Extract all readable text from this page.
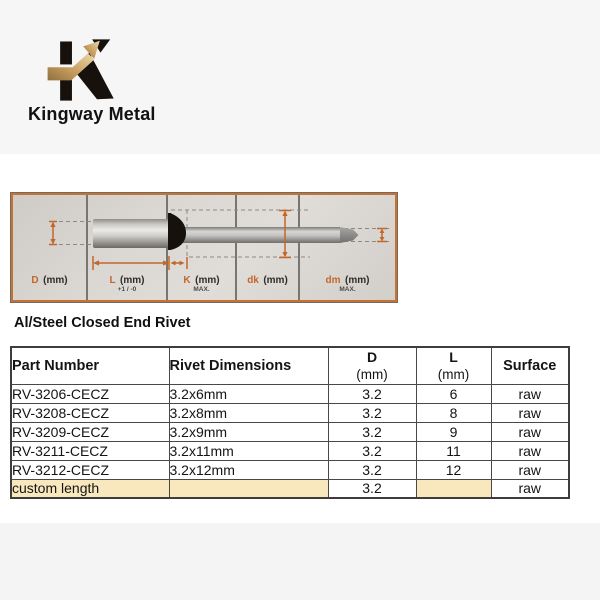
Kingway Metal
D (mm)	L (mm)
+1 / -0
K (mm)
MAX.
dk (mm)	dm (mm)
MAX.
Al/Steel Closed End Rivet
Part Number	Rivet Dimensions	D
(mm)	L
(mm)	Surface
RV-3206-CECZ	3.2x6mm	3.2	6	raw
RV-3208-CECZ	3.2x8mm	3.2	8	raw
RV-3209-CECZ	3.2x9mm	3.2	9	raw
RV-3211-CECZ	3.2x11mm	3.2	11	raw
RV-3212-CECZ	3.2x12mm	3.2	12	raw
custom length		3.2		raw
